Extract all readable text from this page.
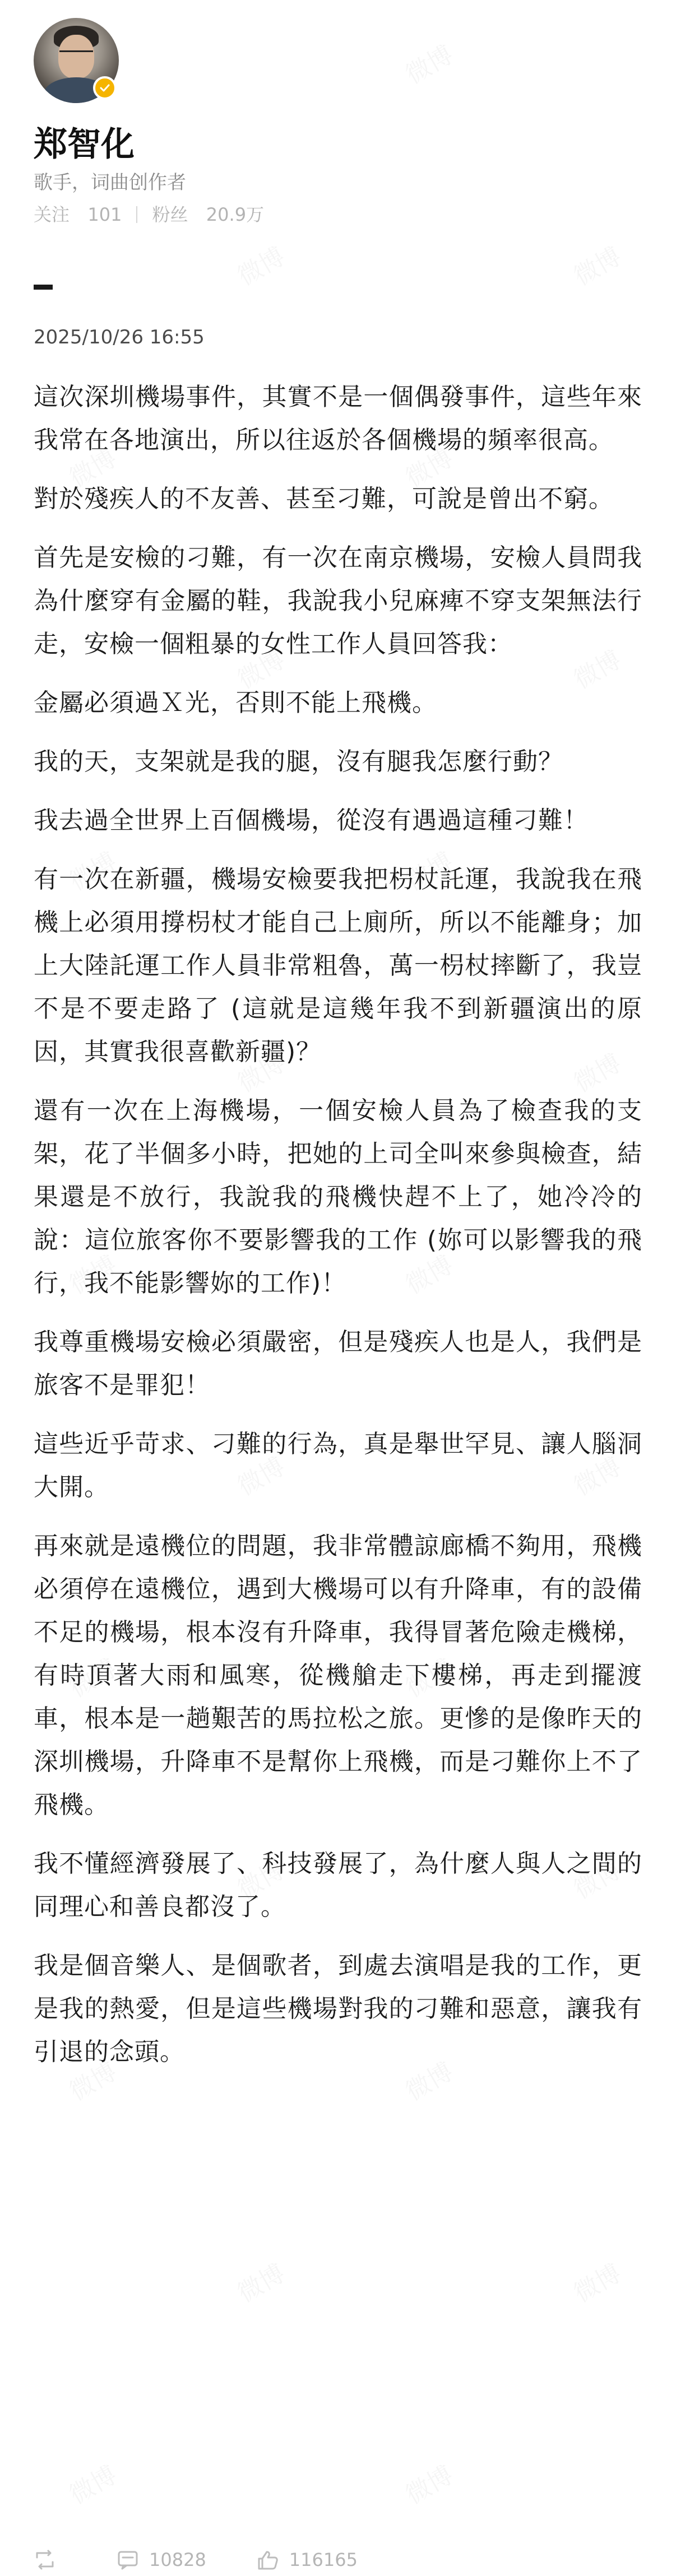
郑智化
歌手，词曲创作者
关注 101 粉丝 20.9万
2025/10/26 16:55

這次深圳機場事件，其實不是一個偶發事件，這些年來我常在各地演出，所以往返於各個機場的頻率很高。

對於殘疾人的不友善、甚至刁難，可說是曾出不窮。

首先是安檢的刁難，有一次在南京機場，安檢人員問我為什麼穿有金屬的鞋，我說我小兒麻痺不穿支架無法行走，安檢一個粗暴的女性工作人員回答我：

金屬必須過Ｘ光，否則不能上飛機。

我的天，支架就是我的腿，沒有腿我怎麼行動？

我去過全世界上百個機場，從沒有遇過這種刁難！

有一次在新疆，機場安檢要我把枴杖託運，我說我在飛機上必須用撐枴杖才能自己上廁所，所以不能離身；加上大陸託運工作人員非常粗魯，萬一枴杖摔斷了，我豈不是不要走路了 (這就是這幾年我不到新疆演出的原因，其實我很喜歡新疆)？

還有一次在上海機場，一個安檢人員為了檢查我的支架，花了半個多小時，把她的上司全叫來參與檢查，結果還是不放行，我說我的飛機快趕不上了，她冷冷的說：這位旅客你不要影響我的工作 (妳可以影響我的飛行，我不能影響妳的工作)！

我尊重機場安檢必須嚴密，但是殘疾人也是人，我們是旅客不是罪犯！

這些近乎苛求、刁難的行為，真是舉世罕見、讓人腦洞大開。

再來就是遠機位的問題，我非常體諒廊橋不夠用，飛機必須停在遠機位，遇到大機場可以有升降車，有的設備不足的機場，根本沒有升降車，我得冒著危險走機梯，有時頂著大雨和風寒，從機艙走下樓梯，再走到擺渡車，根本是一趟艱苦的馬拉松之旅。更慘的是像昨天的深圳機場，升降車不是幫你上飛機，而是刁難你上不了飛機。

我不懂經濟發展了、科技發展了，為什麼人與人之間的同理心和善良都沒了。

我是個音樂人、是個歌者，到處去演唱是我的工作，更是我的熱愛，但是這些機場對我的刁難和惡意，讓我有引退的念頭。

10828	116165
